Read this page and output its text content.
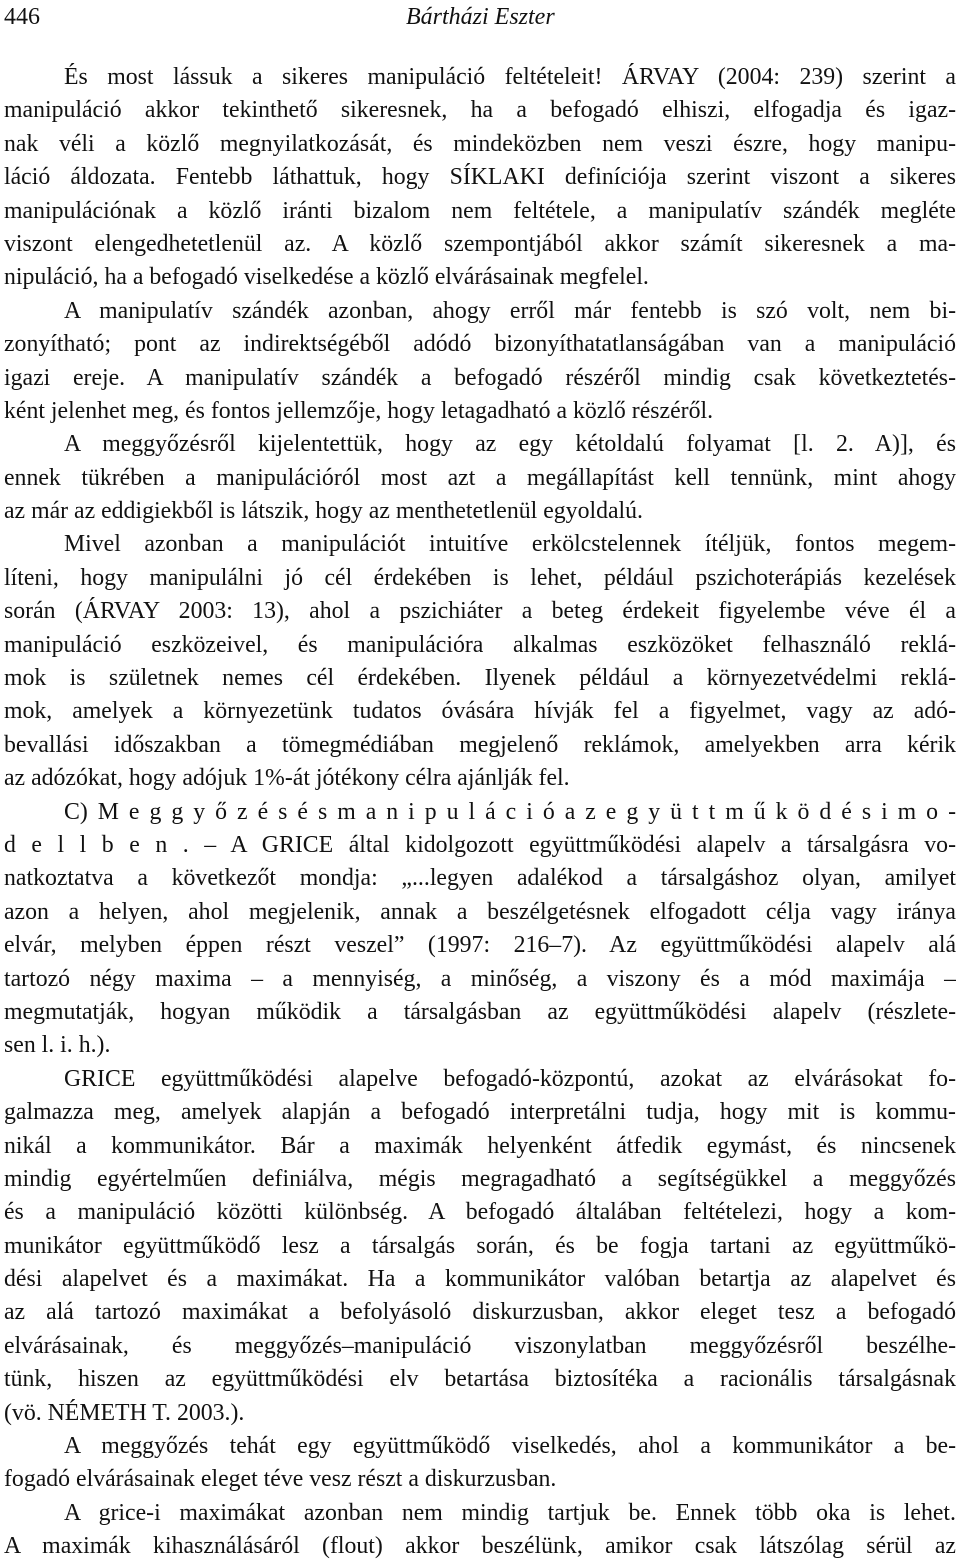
446	Bártházi Eszter
És most lássuk a sikeres manipuláció feltételeit! ÁRVAY (2004: 239) szerint a
manipuláció akkor tekinthető sikeresnek, ha a befogadó elhiszi, elfogadja és igaz-
nak véli a közlő megnyilatkozását, és mindeközben nem veszi észre, hogy manipu-
láció áldozata. Fentebb láthattuk, hogy SÍKLAKI definíciója szerint viszont a sikeres
manipulációnak a közlő iránti bizalom nem feltétele, a manipulatív szándék megléte
viszont elengedhetetlenül az. A közlő szempontjából akkor számít sikeresnek a ma-
nipuláció, ha a befogadó viselkedése a közlő elvárásainak megfelel.
A manipulatív szándék azonban, ahogy erről már fentebb is szó volt, nem bi-
zonyítható; pont az indirektségéből adódó bizonyíthatatlanságában van a manipuláció
igazi ereje. A manipulatív szándék a befogadó részéről mindig csak következtetés-
ként jelenhet meg, és fontos jellemzője, hogy letagadható a közlő részéről.
A meggyőzésről kijelentettük, hogy az egy kétoldalú folyamat [l. 2. A)], és
ennek tükrében a manipulációról most azt a megállapítást kell tennünk, mint ahogy
az már az eddigiekből is látszik, hogy az menthetetlenül egyoldalú.
Mivel azonban a manipulációt intuitíve erkölcstelennek ítéljük, fontos megem-
líteni, hogy manipulálni jó cél érdekében is lehet, például pszichoterápiás kezelések
során (ÁRVAY 2003: 13), ahol a pszichiáter a beteg érdekeit figyelembe véve él a
manipuláció eszközeivel, és manipulációra alkalmas eszközöket felhasználó reklá-
mok is születnek nemes cél érdekében. Ilyenek például a környezetvédelmi reklá-
mok, amelyek a környezetünk tudatos óvására hívják fel a figyelmet, vagy az adó-
bevallási időszakban a tömegmédiában megjelenő reklámok, amelyekben arra kérik
az adózókat, hogy adójuk 1%-át jótékony célra ajánlják fel.
C) M e g g y ő z é s é s m a n i p u l á c i ó a z e g y ü t t m ű k ö d é s i m o -
d e l l b e n . – A GRICE által kidolgozott együttműködési alapelv a társalgásra vo-
natkoztatva a következőt mondja: „...legyen adalékod a társalgáshoz olyan, amilyet
azon a helyen, ahol megjelenik, annak a beszélgetésnek elfogadott célja vagy iránya
elvár, melyben éppen részt veszel” (1997: 216–7). Az együttműködési alapelv alá
tartozó négy maxima – a mennyiség, a minőség, a viszony és a mód maximája –
megmutatják, hogyan működik a társalgásban az együttműködési alapelv (részlete-
sen l. i. h.).
GRICE együttműködési alapelve befogadó-központú, azokat az elvárásokat fo-
galmazza meg, amelyek alapján a befogadó interpretálni tudja, hogy mit is kommu-
nikál a kommunikátor. Bár a maximák helyenként átfedik egymást, és nincsenek
mindig egyértelműen definiálva, mégis megragadható a segítségükkel a meggyőzés
és a manipuláció közötti különbség. A befogadó általában feltételezi, hogy a kom-
munikátor együttműködő lesz a társalgás során, és be fogja tartani az együttműkö-
dési alapelvet és a maximákat. Ha a kommunikátor valóban betartja az alapelvet és
az alá tartozó maximákat a befolyásoló diskurzusban, akkor eleget tesz a befogadó
elvárásainak, és meggyőzés–manipuláció viszonylatban meggyőzésről beszélhe-
tünk, hiszen az együttműködési elv betartása biztosítéka a racionális társalgásnak
(vö. NÉMETH T. 2003.).
A meggyőzés tehát egy együttműködő viselkedés, ahol a kommunikátor a be-
fogadó elvárásainak eleget téve vesz részt a diskurzusban.
A grice-i maximákat azonban nem mindig tartjuk be. Ennek több oka is lehet.
A maximák kihasználásáról (flout) akkor beszélünk, amikor csak látszólag sérül az
